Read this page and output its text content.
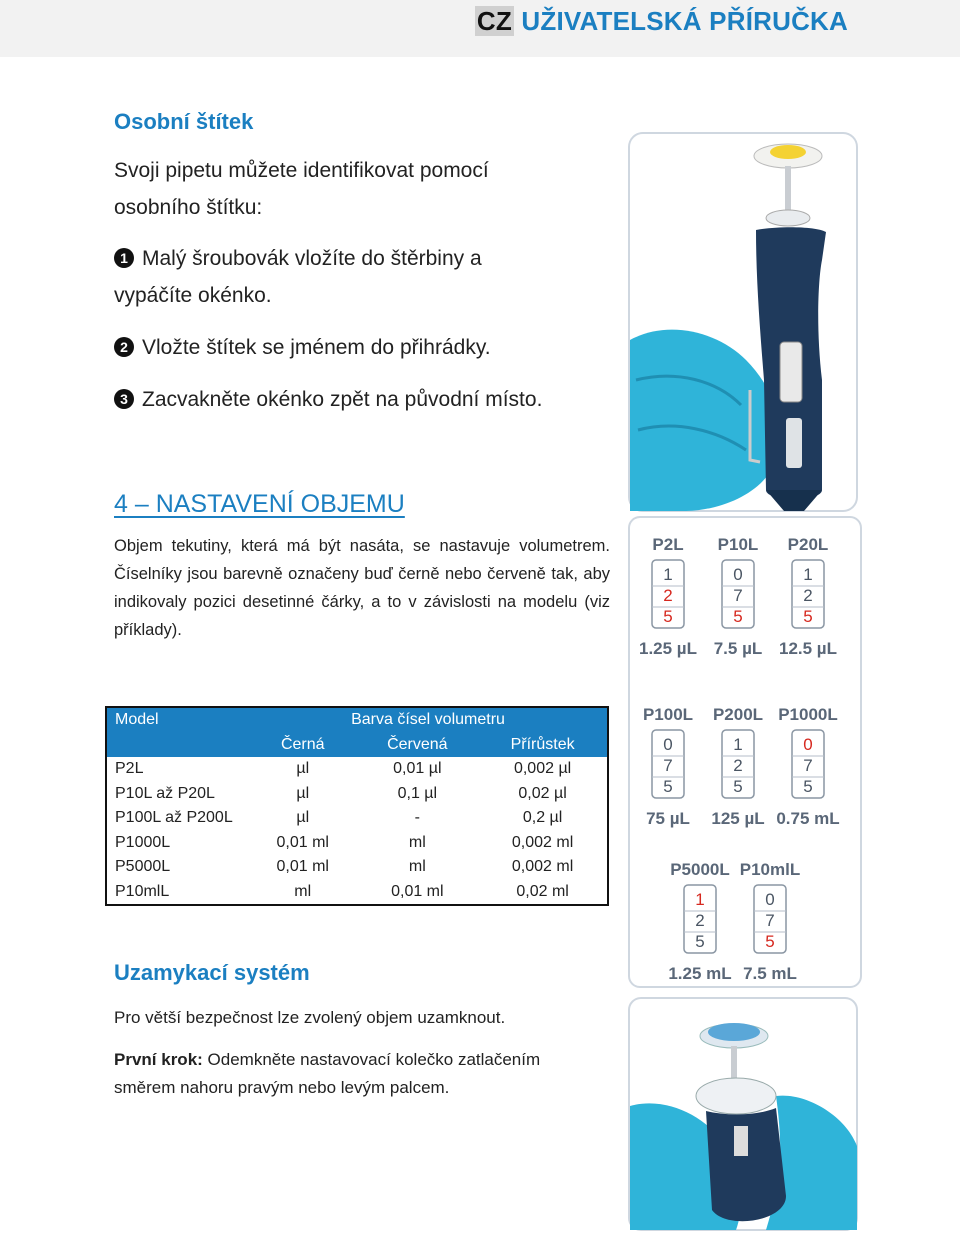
CZ UŽIVATELSKÁ PŘÍRUČKA
Osobní štítek
Svoji pipetu můžete identifikovat pomocí
osobního štítku:
1 Malý šroubovák vložíte do štěrbiny a
vypáčíte okénko.
2 Vložte štítek se jménem do přihrádky.
3 Zacvakněte okénko zpět na původní místo.
4 – NASTAVENÍ OBJEMU
Objem tekutiny, která má být nasáta, se nastavuje volumetrem. Číselníky jsou barevně označeny buď černě nebo červeně tak, aby indikovaly pozici desetinné čárky, a to v závislosti na modelu (viz příklady).
Model	Barva čísel volumetru		
	Černá	Červená	Přírůstek
P2L	µl	0,01 µl	0,002 µl
P10L až P20L	µl	0,1 µl	0,02 µl
P100L až P200L	µl	-	0,2 µl
P1000L	0,01 ml	ml	0,002 ml
P5000L	0,01 ml	ml	0,002 ml
P10mlL	ml	0,01 ml	0,02 ml
Uzamykací systém
Pro větší bezpečnost lze zvolený objem uzamknout.
První krok: Odemkněte nastavovací kolečko zatlačením
směrem nahoru pravým nebo levým palcem.
P2L
1
2
5
1.25 µL
P10L
0
7
5
7.5 µL
P20L
1
2
5
12.5 µL
P100L
0
7
5
75 µL
P200L
1
2
5
125 µL
P1000L
0
7
5
0.75 mL
P5000L
1
2
5
1.25 mL
P10mlL
0
7
5
7.5 mL
